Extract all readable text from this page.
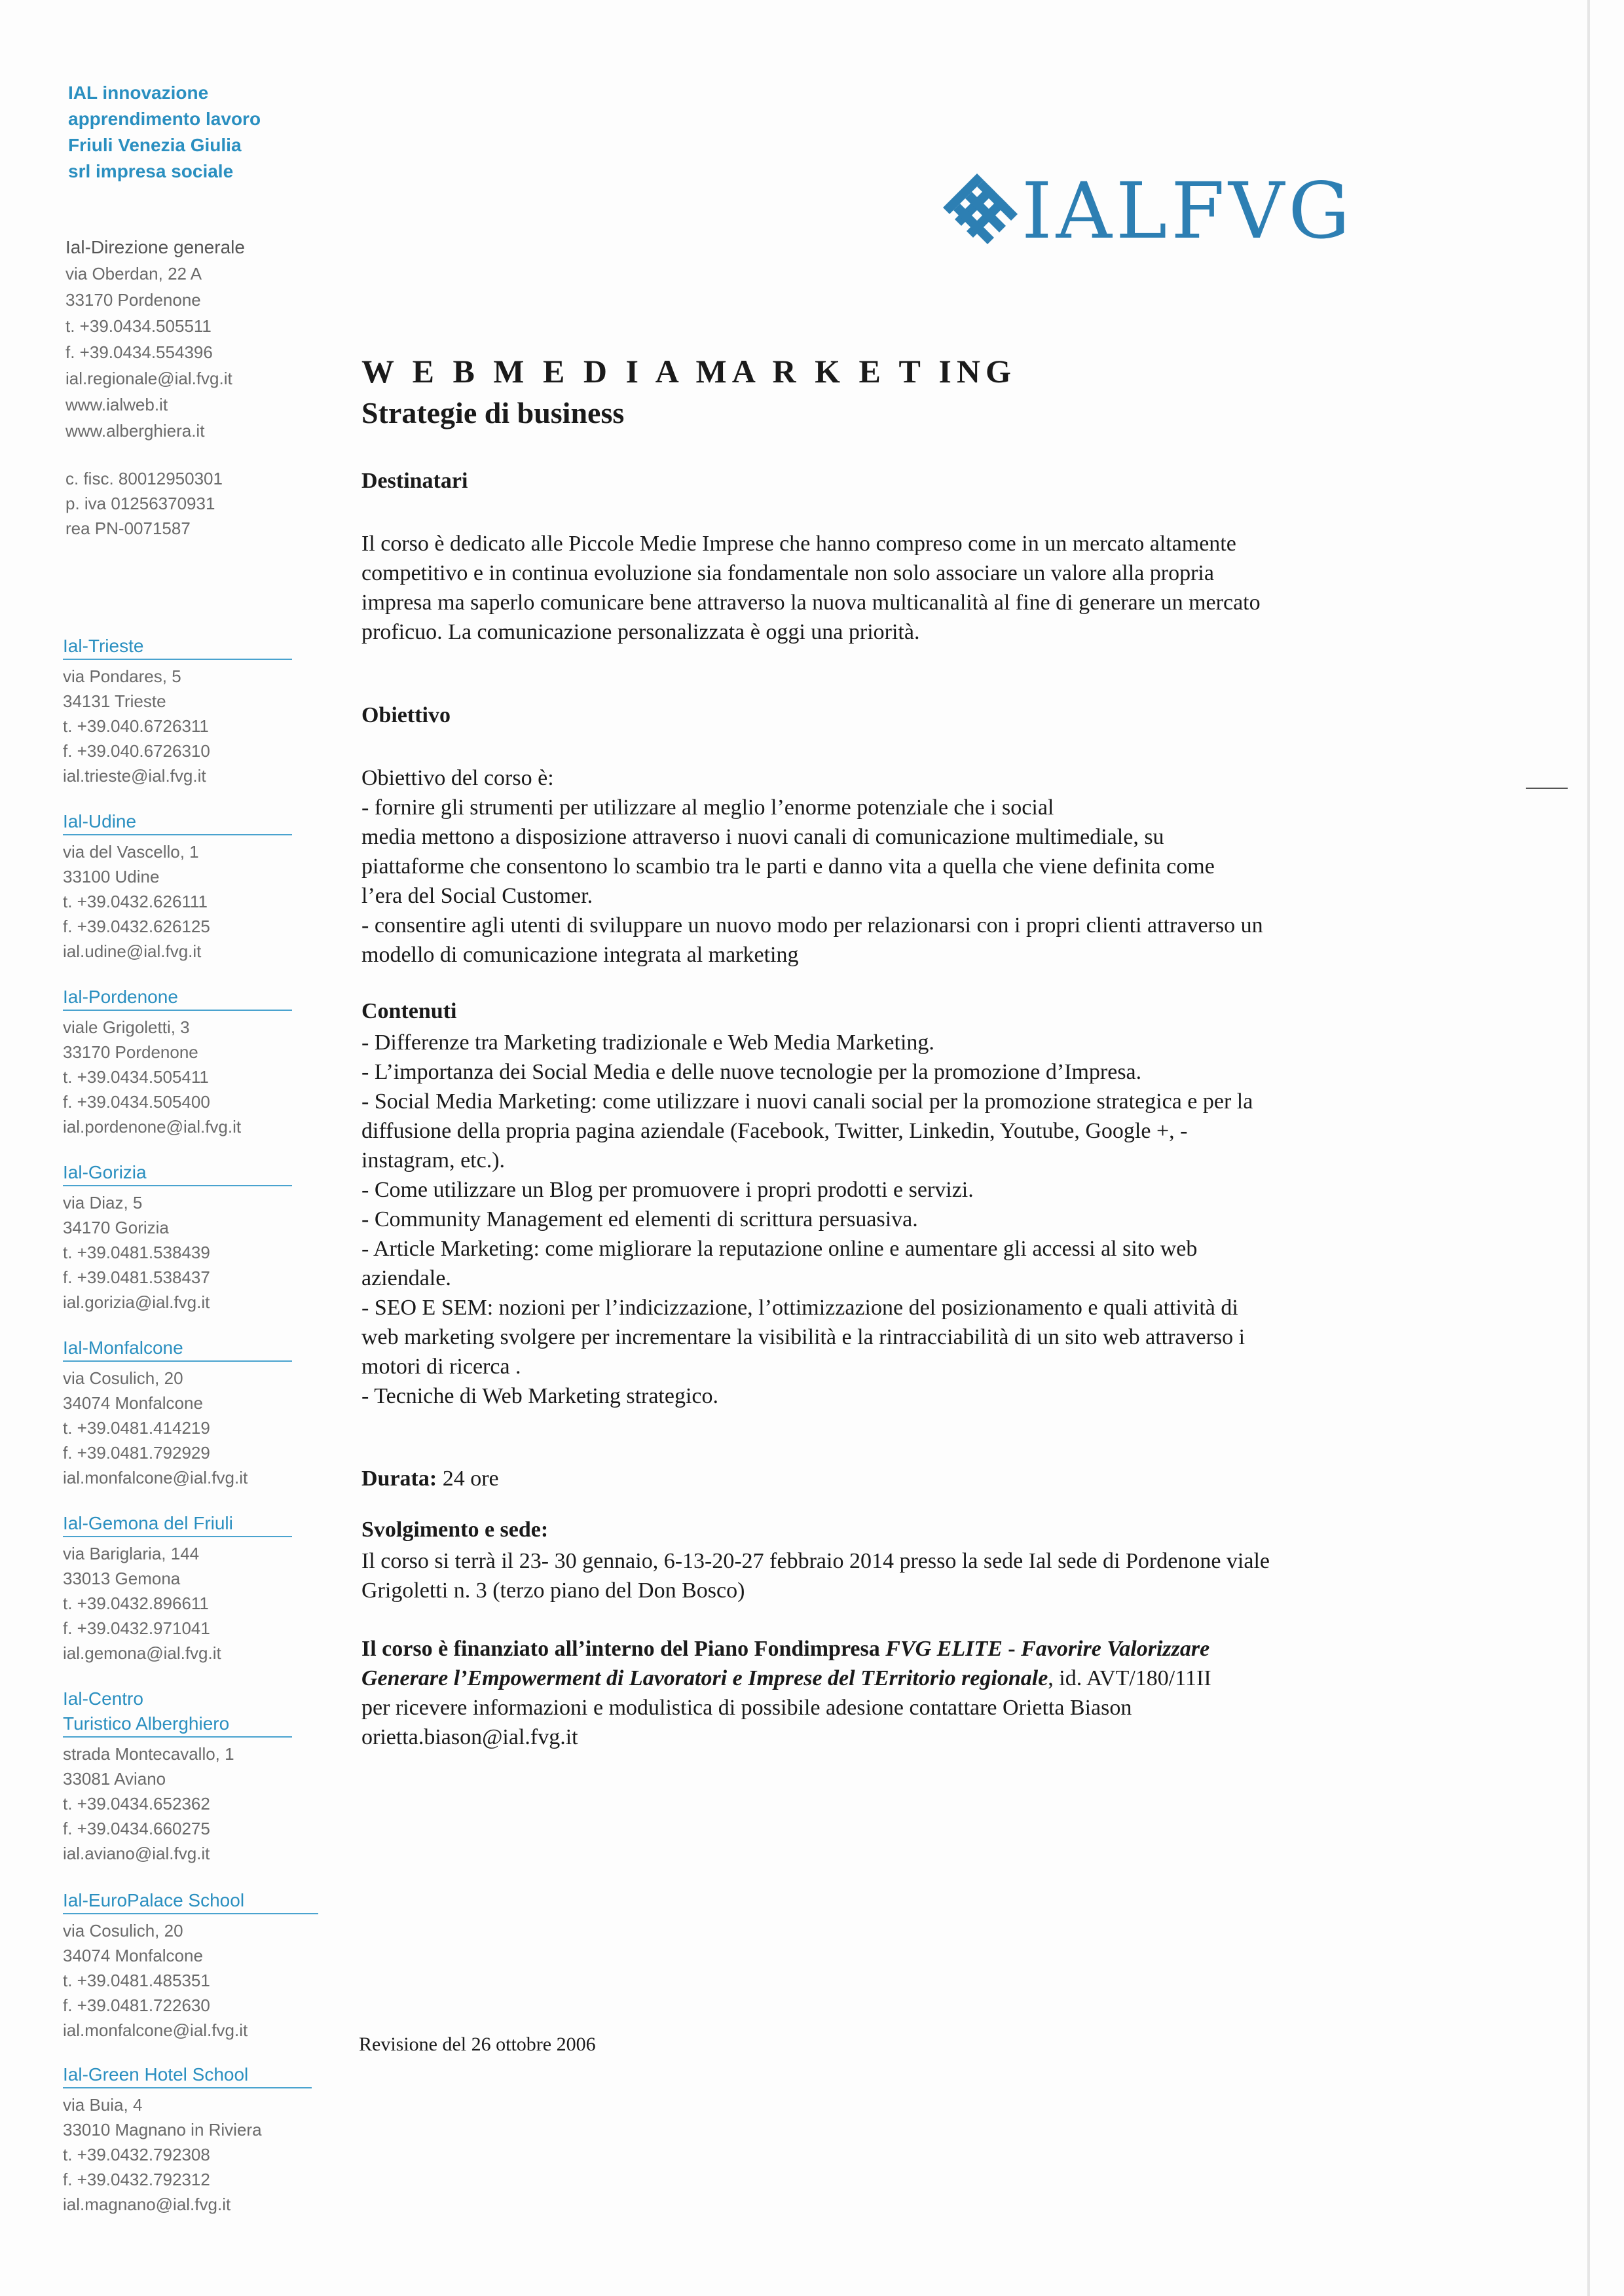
IAL innovazione
apprendimento lavoro
Friuli Venezia Giulia
srl impresa sociale
Ial-Direzione generale
via Oberdan, 22 A
33170 Pordenone
t. +39.0434.505511
f. +39.0434.554396
ial.regionale@ial.fvg.it
www.ialweb.it
www.alberghiera.it
c. fisc. 80012950301
p. iva 01256370931
rea PN-0071587
Ial-Trieste
via Pondares, 5
34131 Trieste
t. +39.040.6726311
f. +39.040.6726310
ial.trieste@ial.fvg.it
Ial-Udine
via del Vascello, 1
33100 Udine
t. +39.0432.626111
f. +39.0432.626125
ial.udine@ial.fvg.it
Ial-Pordenone
viale Grigoletti, 3
33170 Pordenone
t. +39.0434.505411
f. +39.0434.505400
ial.pordenone@ial.fvg.it
Ial-Gorizia
via Diaz, 5
34170 Gorizia
t. +39.0481.538439
f. +39.0481.538437
ial.gorizia@ial.fvg.it
Ial-Monfalcone
via Cosulich, 20
34074 Monfalcone
t. +39.0481.414219
f. +39.0481.792929
ial.monfalcone@ial.fvg.it
Ial-Gemona del Friuli
via Bariglaria, 144
33013 Gemona
t. +39.0432.896611
f. +39.0432.971041
ial.gemona@ial.fvg.it
Ial-Centro
Turistico Alberghiero
strada Montecavallo, 1
33081 Aviano
t. +39.0434.652362
f. +39.0434.660275
ial.aviano@ial.fvg.it
Ial-EuroPalace School
via Cosulich, 20
34074 Monfalcone
t. +39.0481.485351
f. +39.0481.722630
ial.monfalcone@ial.fvg.it
Ial-Green Hotel School
via Buia, 4
33010 Magnano in Riviera
t. +39.0432.792308
f. +39.0432.792312
ial.magnano@ial.fvg.it
IALFVG
W E B M E D I A MA R K E T ING
Strategie di business
Destinatari
Il corso è dedicato alle Piccole Medie Imprese che hanno compreso come in un mercato altamente
competitivo e in continua evoluzione sia fondamentale non solo associare un valore alla propria
impresa ma saperlo comunicare bene attraverso la nuova multicanalità al fine di generare un mercato
proficuo. La comunicazione personalizzata è oggi una priorità.
Obiettivo
Obiettivo del corso è:
- fornire gli strumenti per utilizzare al meglio l’enorme potenziale che i social
media mettono a disposizione attraverso i nuovi canali di comunicazione multimediale, su
piattaforme che consentono lo scambio tra le parti e danno vita a quella che viene definita come
l’era del Social Customer.
- consentire agli utenti di sviluppare un nuovo modo per relazionarsi con i propri clienti attraverso un
modello di comunicazione integrata al marketing
Contenuti
- Differenze tra Marketing tradizionale e Web Media Marketing.
- L’importanza dei Social Media e delle nuove tecnologie per la promozione d’Impresa.
- Social Media Marketing: come utilizzare i nuovi canali social per la promozione strategica e per la
diffusione della propria pagina aziendale (Facebook, Twitter, Linkedin, Youtube, Google +, -
instagram, etc.).
- Come utilizzare un Blog per promuovere i propri prodotti e servizi.
- Community Management ed elementi di scrittura persuasiva.
- Article Marketing: come migliorare la reputazione online e aumentare gli accessi al sito web
aziendale.
- SEO E SEM: nozioni per l’indicizzazione, l’ottimizzazione del posizionamento e quali attività di
web marketing svolgere per incrementare la visibilità e la rintracciabilità di un sito web attraverso i
motori di ricerca .
- Tecniche di Web Marketing strategico.
Durata: 24 ore
Svolgimento e sede:
Il corso si terrà il 23- 30 gennaio, 6-13-20-27 febbraio 2014 presso la sede Ial sede di Pordenone viale
Grigoletti n. 3 (terzo piano del Don Bosco)
Il corso è finanziato all’interno del Piano Fondimpresa FVG ELITE - Favorire Valorizzare
Generare l’Empowerment di Lavoratori e Imprese del TErritorio regionale, id. AVT/180/11II
per ricevere informazioni e modulistica di possibile adesione contattare Orietta Biason
orietta.biason@ial.fvg.it
Revisione del 26 ottobre 2006
